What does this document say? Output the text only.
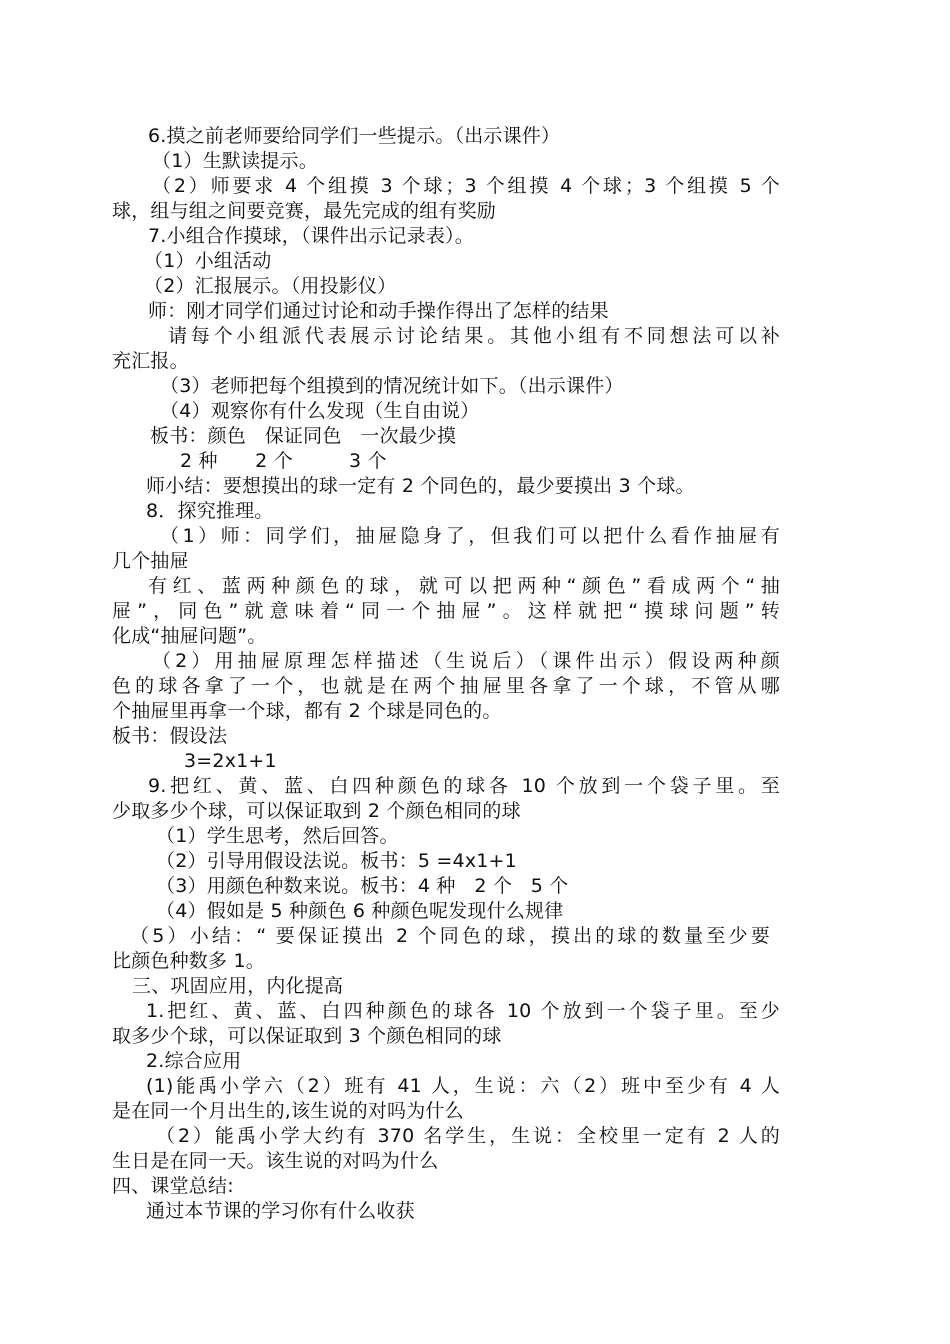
6.摸之前老师要给同学们一些提示。（出示课件）
（1）生默读提示。
（2）师要求 4 个组摸 3 个球；3 个组摸 4 个球；3 个组摸 5 个
球，组与组之间要竞赛，最先完成的组有奖励
7.小组合作摸球，（课件出示记录表）。
（1）小组活动
（2）汇报展示。（用投影仪）
师：刚才同学们通过讨论和动手操作得出了怎样的结果
请每个小组派代表展示讨论结果。其他小组有不同想法可以补
充汇报。
（3）老师把每个组摸到的情况统计如下。（出示课件）
（4）观察你有什么发现（生自由说）
板书：颜色   保证同色   一次最少摸
2 种      2 个         3 个
师小结：要想摸出的球一定有 2 个同色的，最少要摸出 3 个球。
8．探究推理。
（1）师：同学们，抽屉隐身了，但我们可以把什么看作抽屉有
几个抽屉
有红、蓝两种颜色的球，就可以把两种“颜色”看成两个“抽
屉”，同色”就意味着“同一个抽屉”。这样就把“摸球问题”转
化成“抽屉问题”。
（2）用抽屉原理怎样描述（生说后）（课件出示）假设两种颜
色的球各拿了一个，也就是在两个抽屉里各拿了一个球，不管从哪
个抽屉里再拿一个球，都有 2 个球是同色的。
板书：假设法
3=2x1+1
9.把红、黄、蓝、白四种颜色的球各 10 个放到一个袋子里。至
少取多少个球，可以保证取到 2 个颜色相同的球
（1）学生思考，然后回答。
（2）引导用假设法说。板书：5 =4x1+1
（3）用颜色种数来说。板书：4 种   2 个   5 个
（4）假如是 5 种颜色 6 种颜色呢发现什么规律
（5）小结：“ 要保证摸出 2 个同色的球，摸出的球的数量至少要
比颜色种数多 1。
三、巩固应用，内化提高
1.把红、黄、蓝、白四种颜色的球各 10 个放到一个袋子里。至少
取多少个球，可以保证取到 3 个颜色相同的球
2.综合应用
(1)能禹小学六（2）班有 41 人，生说：六（2）班中至少有 4 人
是在同一个月出生的,该生说的对吗为什么
（2）能禹小学大约有 370 名学生，生说：全校里一定有 2 人的
生日是在同一天。该生说的对吗为什么
四、课堂总结:
通过本节课的学习你有什么收获
